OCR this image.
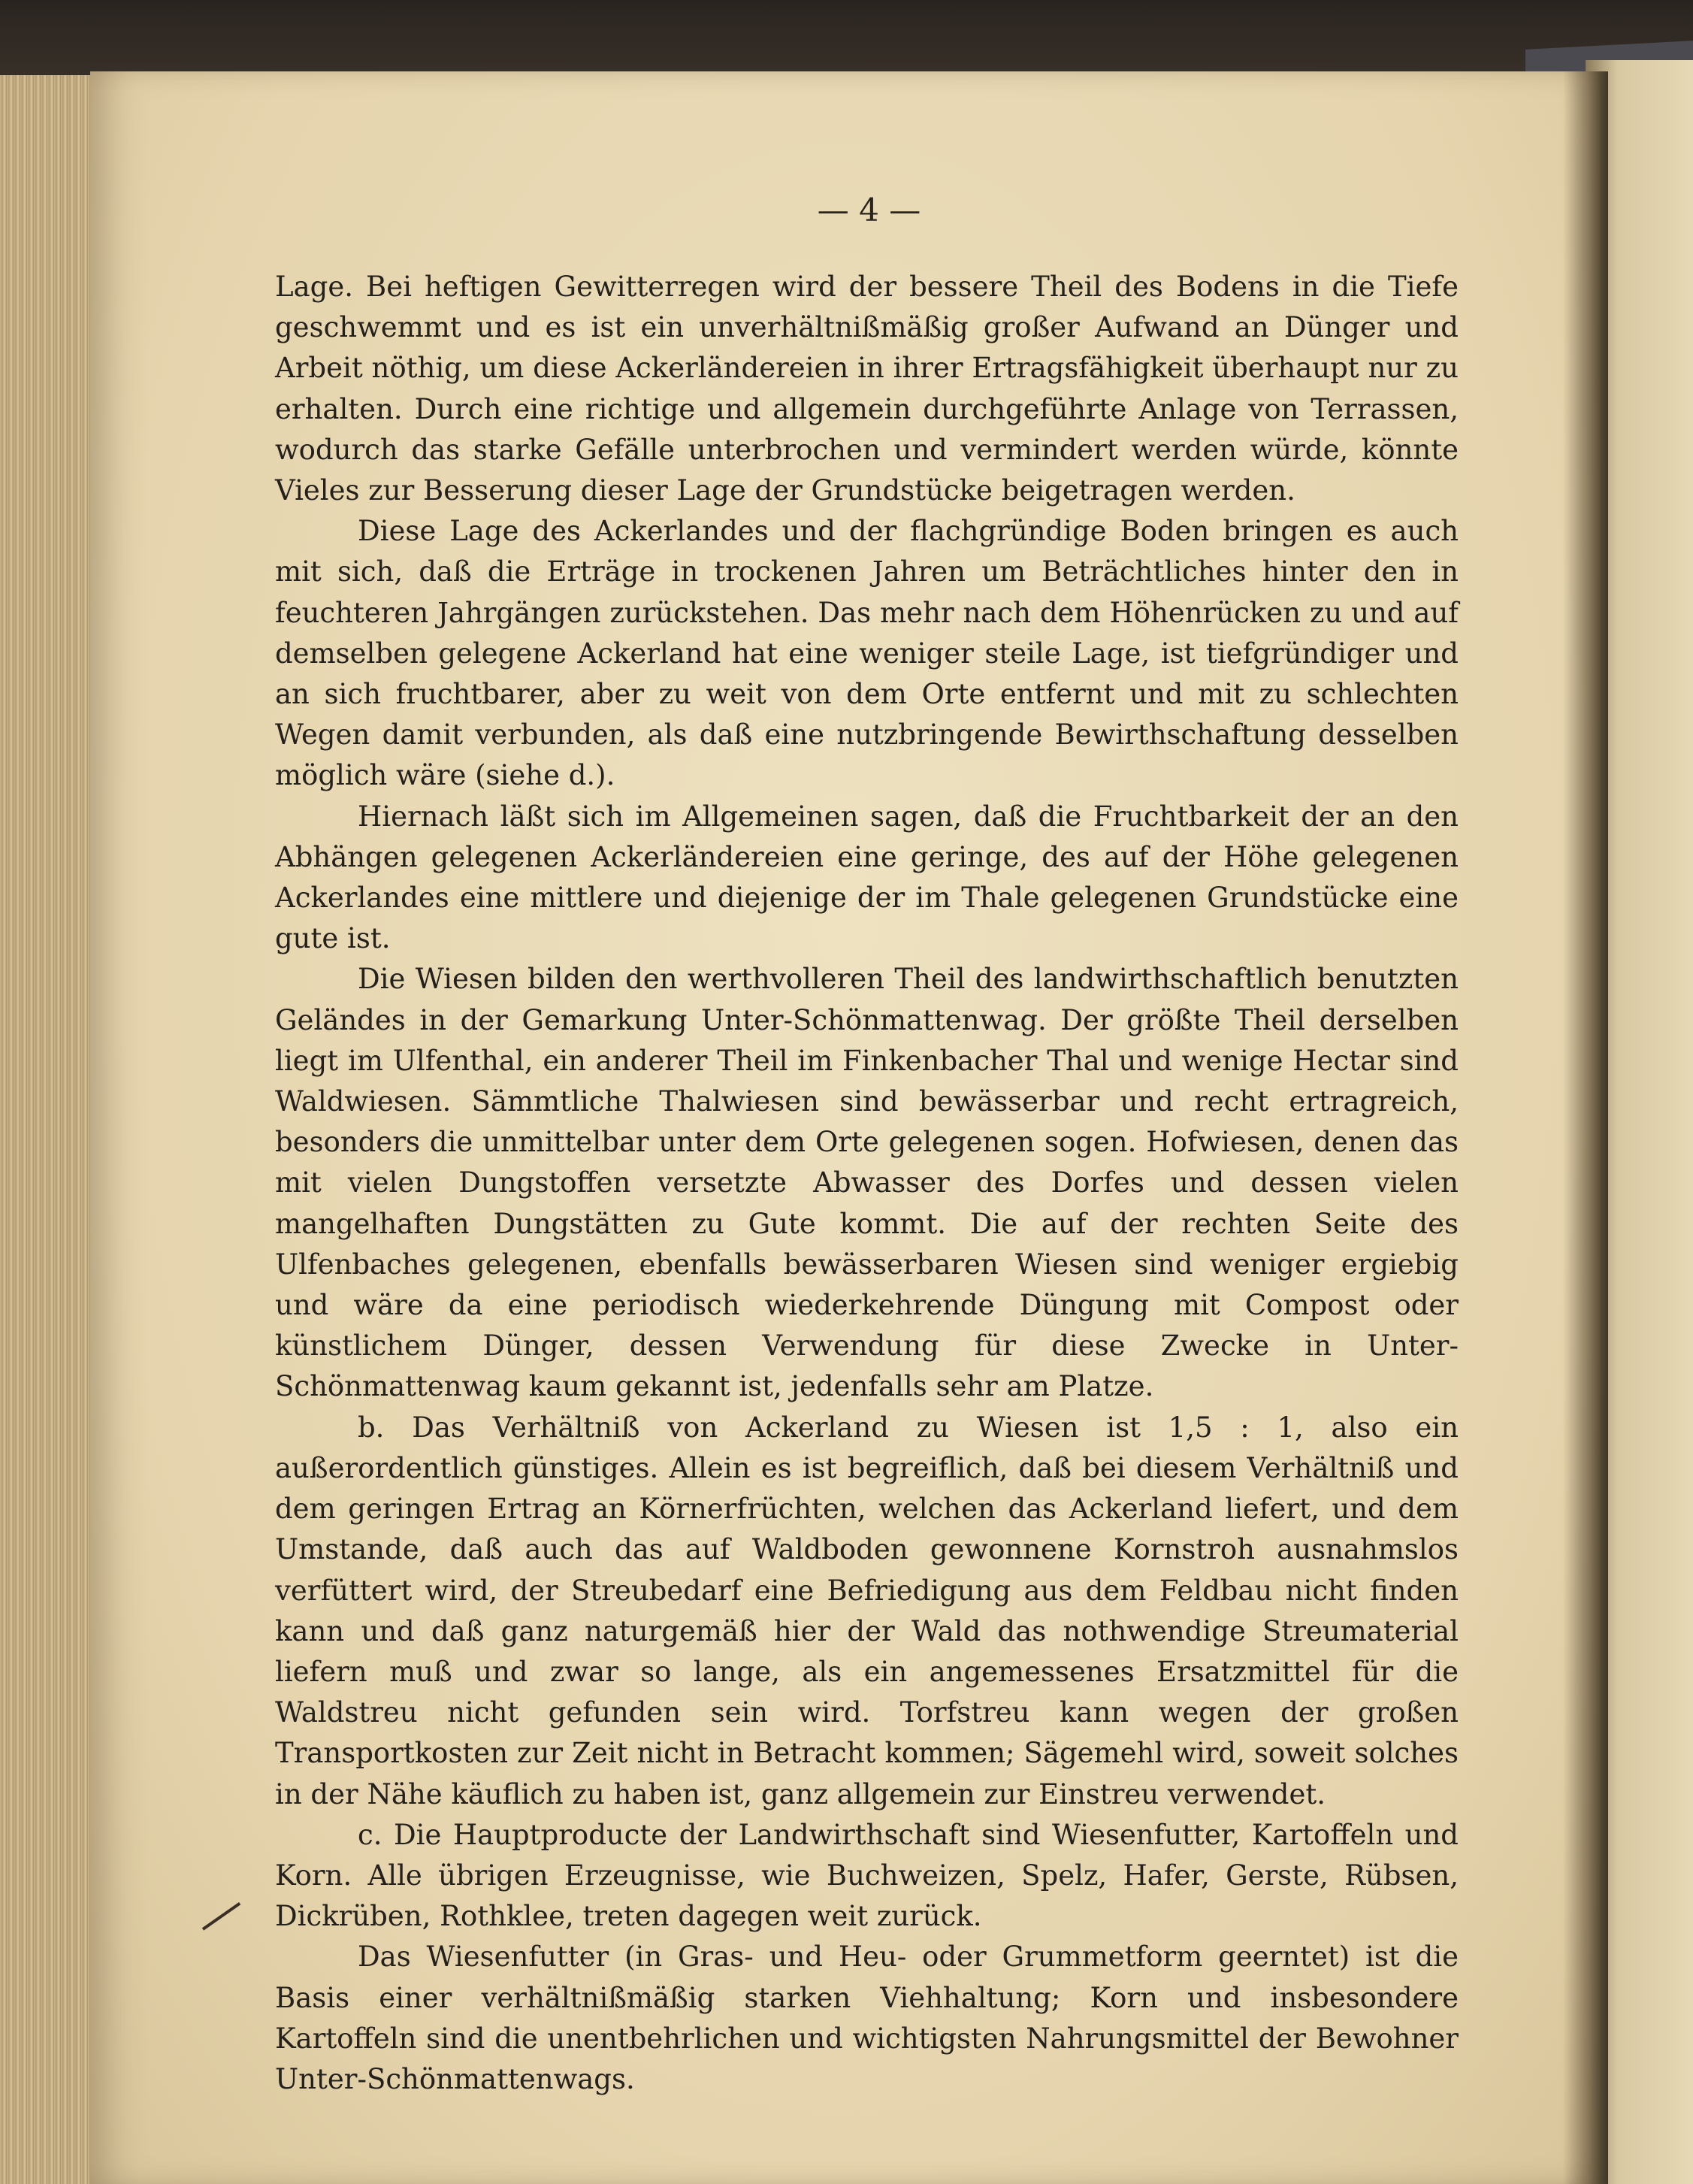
— 4 —

Lage. Bei heftigen Gewitterregen wird der bessere Theil des Bodens in die Tiefe geschwemmt und es ist ein unverhältnißmäßig großer Aufwand an Dünger und Arbeit nöthig, um diese Ackerländereien in ihrer Ertragsfähigkeit überhaupt nur zu erhalten. Durch eine richtige und allgemein durchgeführte Anlage von Terrassen, wodurch das starke Gefälle unterbrochen und vermindert werden würde, könnte Vieles zur Besserung dieser Lage der Grundstücke beigetragen werden.

Diese Lage des Ackerlandes und der flachgründige Boden bringen es auch mit sich, daß die Erträge in trockenen Jahren um Beträchtliches hinter den in feuchteren Jahrgängen zurückstehen. Das mehr nach dem Höhenrücken zu und auf demselben gelegene Ackerland hat eine weniger steile Lage, ist tiefgründiger und an sich fruchtbarer, aber zu weit von dem Orte entfernt und mit zu schlechten Wegen damit verbunden, als daß eine nutzbringende Bewirthschaftung desselben möglich wäre (siehe d.).

Hiernach läßt sich im Allgemeinen sagen, daß die Fruchtbarkeit der an den Abhängen gelegenen Ackerländereien eine geringe, des auf der Höhe gelegenen Ackerlandes eine mittlere und diejenige der im Thale gelegenen Grundstücke eine gute ist.

Die Wiesen bilden den werthvolleren Theil des landwirthschaftlich benutzten Geländes in der Gemarkung Unter-Schönmattenwag. Der größte Theil derselben liegt im Ulfenthal, ein anderer Theil im Finkenbacher Thal und wenige Hectar sind Waldwiesen. Sämmtliche Thalwiesen sind bewässerbar und recht ertragreich, besonders die unmittelbar unter dem Orte gelegenen sogen. Hofwiesen, denen das mit vielen Dungstoffen versetzte Abwasser des Dorfes und dessen vielen mangelhaften Dungstätten zu Gute kommt. Die auf der rechten Seite des Ulfenbaches gelegenen, ebenfalls bewässerbaren Wiesen sind weniger ergiebig und wäre da eine periodisch wiederkehrende Düngung mit Compost oder künstlichem Dünger, dessen Verwendung für diese Zwecke in Unter-Schönmattenwag kaum gekannt ist, jedenfalls sehr am Platze.

b. Das Verhältniß von Ackerland zu Wiesen ist 1,5 : 1, also ein außerordentlich günstiges. Allein es ist begreiflich, daß bei diesem Verhältniß und dem geringen Ertrag an Körnerfrüchten, welchen das Ackerland liefert, und dem Umstande, daß auch das auf Waldboden gewonnene Kornstroh ausnahmslos verfüttert wird, der Streubedarf eine Befriedigung aus dem Feldbau nicht finden kann und daß ganz naturgemäß hier der Wald das nothwendige Streumaterial liefern muß und zwar so lange, als ein angemessenes Ersatzmittel für die Waldstreu nicht gefunden sein wird. Torfstreu kann wegen der großen Transportkosten zur Zeit nicht in Betracht kommen; Sägemehl wird, soweit solches in der Nähe käuflich zu haben ist, ganz allgemein zur Einstreu verwendet.

c. Die Hauptproducte der Landwirthschaft sind Wiesenfutter, Kartoffeln und Korn. Alle übrigen Erzeugnisse, wie Buchweizen, Spelz, Hafer, Gerste, Rübsen, Dickrüben, Rothklee, treten dagegen weit zurück.

Das Wiesenfutter (in Gras- und Heu- oder Grummetform geerntet) ist die Basis einer verhältnißmäßig starken Viehhaltung; Korn und insbesondere Kartoffeln sind die unentbehrlichen und wichtigsten Nahrungsmittel der Bewohner Unter-Schönmattenwags.
